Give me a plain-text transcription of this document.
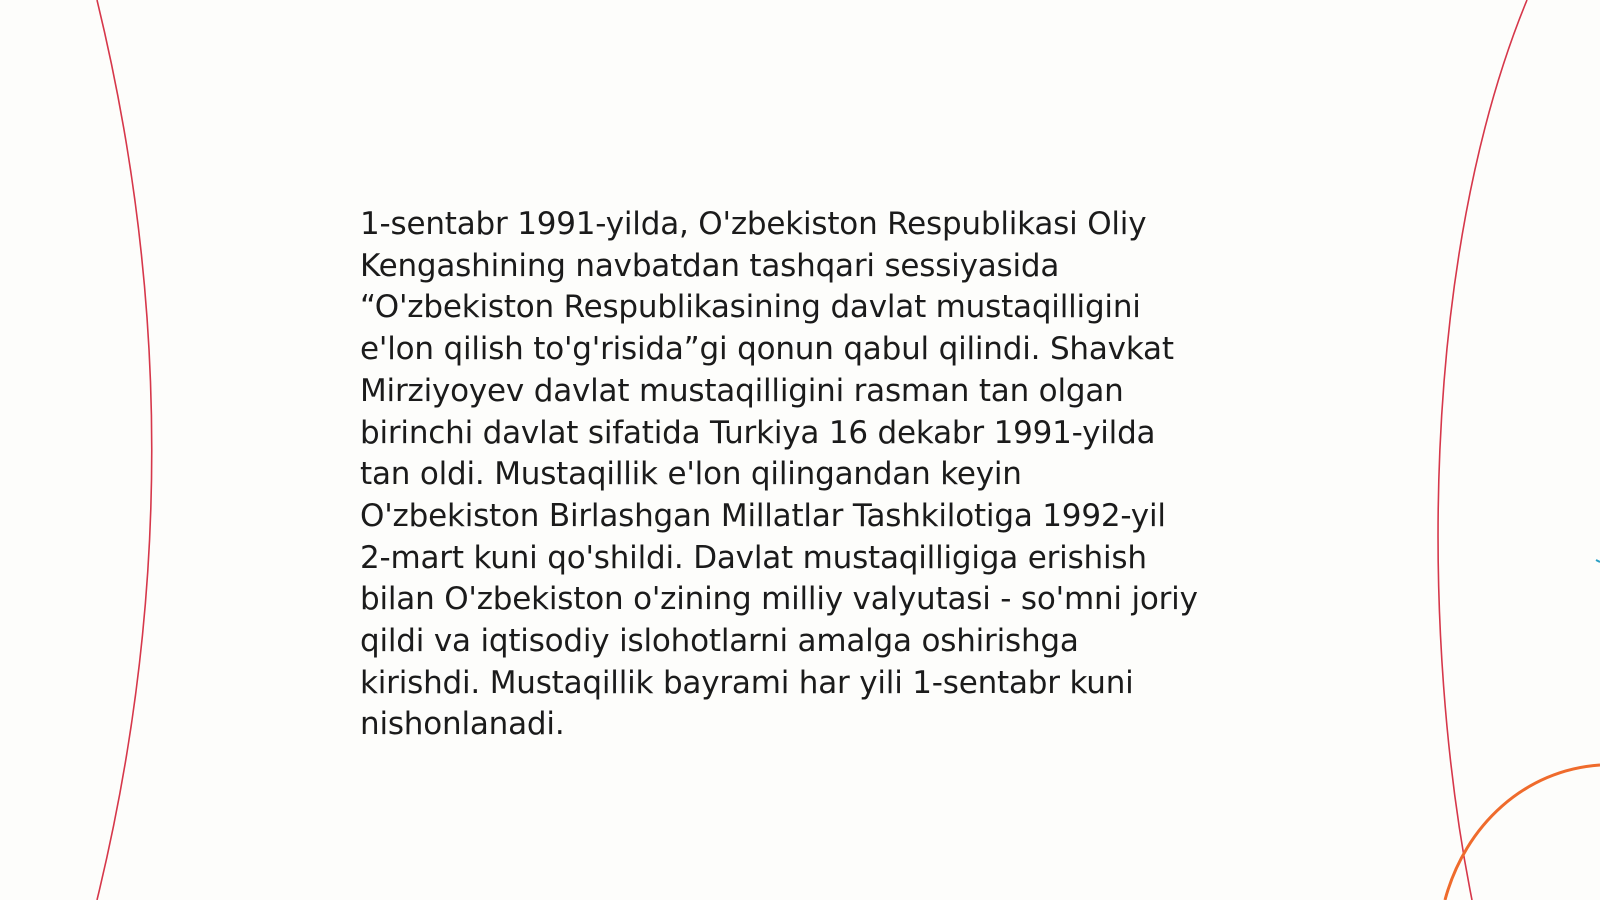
1-sentabr 1991-yilda, O'zbekiston Respublikasi Oliy
Kengashining navbatdan tashqari sessiyasida
“O'zbekiston Respublikasining davlat mustaqilligini
e'lon qilish to'g'risida”gi qonun qabul qilindi. Shavkat
Mirziyoyev davlat mustaqilligini rasman tan olgan
birinchi davlat sifatida Turkiya 16 dekabr 1991-yilda
tan oldi. Mustaqillik e'lon qilingandan keyin
O'zbekiston Birlashgan Millatlar Tashkilotiga 1992-yil
2-mart kuni qo'shildi. Davlat mustaqilligiga erishish
bilan O'zbekiston o'zining milliy valyutasi - so'mni joriy
qildi va iqtisodiy islohotlarni amalga oshirishga
kirishdi. Mustaqillik bayrami har yili 1-sentabr kuni
nishonlanadi.
